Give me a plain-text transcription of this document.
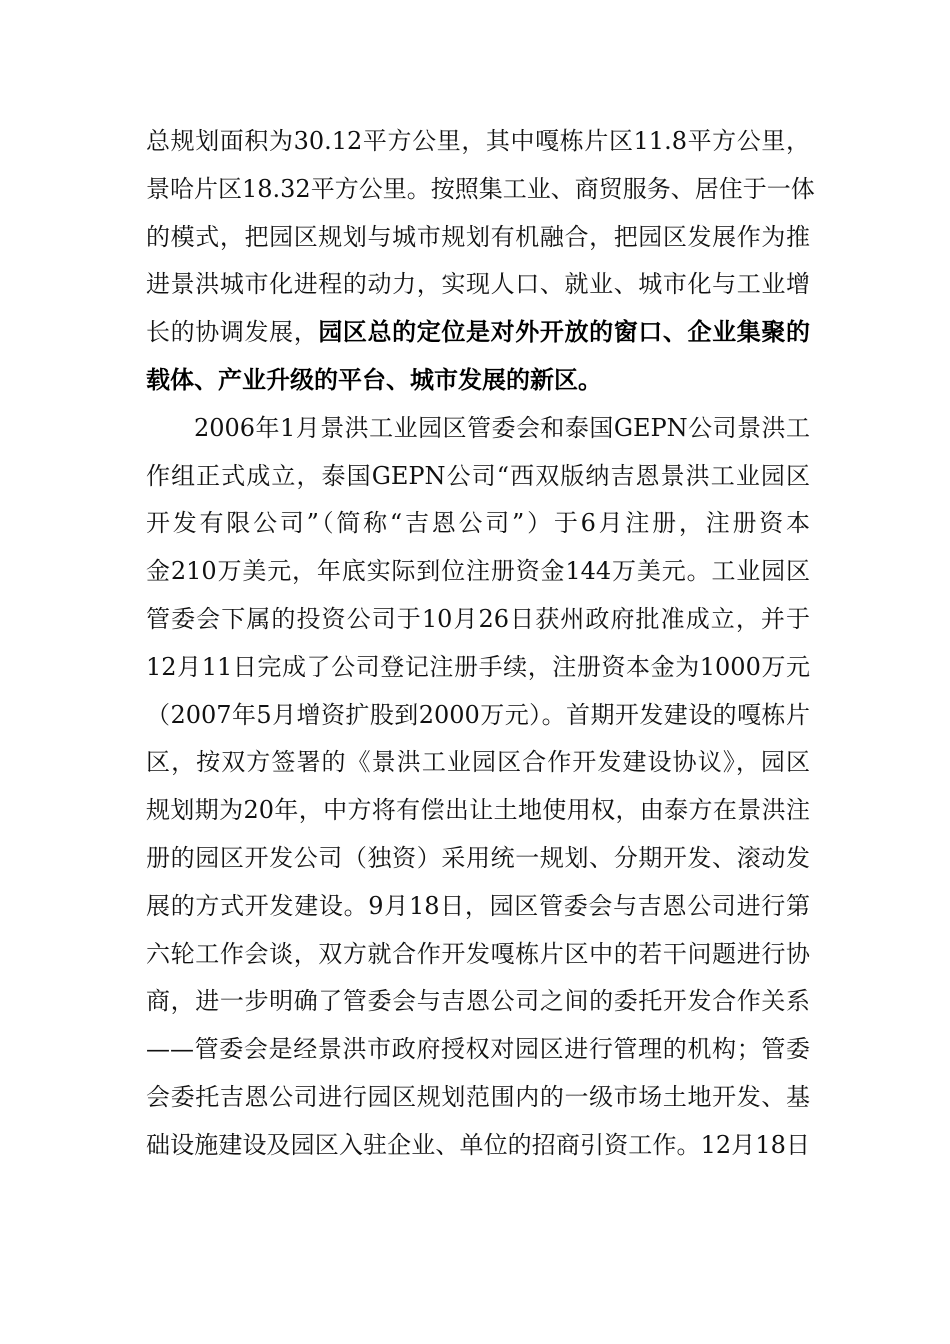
总规划面积为30.12平方公里，其中嘎栋片区11.8平方公里，
景哈片区18.32平方公里。按照集工业、商贸服务、居住于一体
的模式，把园区规划与城市规划有机融合，把园区发展作为推
进景洪城市化进程的动力，实现人口、就业、城市化与工业增
长的协调发展，园区总的定位是对外开放的窗口、企业集聚的
载体、产业升级的平台、城市发展的新区。
2006年1月景洪工业园区管委会和泰国GEPN公司景洪工
作组正式成立，泰国GEPN公司“西双版纳吉恩景洪工业园区
开发有限公司”（简称“吉恩公司”）于6月注册，注册资本
金210万美元，年底实际到位注册资金144万美元。工业园区
管委会下属的投资公司于10月26日获州政府批准成立，并于
12月11日完成了公司登记注册手续，注册资本金为1000万元
（2007年5月增资扩股到2000万元）。首期开发建设的嘎栋片
区，按双方签署的《景洪工业园区合作开发建设协议》，园区
规划期为20年，中方将有偿出让土地使用权，由泰方在景洪注
册的园区开发公司（独资）采用统一规划、分期开发、滚动发
展的方式开发建设。9月18日，园区管委会与吉恩公司进行第
六轮工作会谈，双方就合作开发嘎栋片区中的若干问题进行协
商，进一步明确了管委会与吉恩公司之间的委托开发合作关系
——管委会是经景洪市政府授权对园区进行管理的机构；管委
会委托吉恩公司进行园区规划范围内的一级市场土地开发、基
础设施建设及园区入驻企业、单位的招商引资工作。12月18日
